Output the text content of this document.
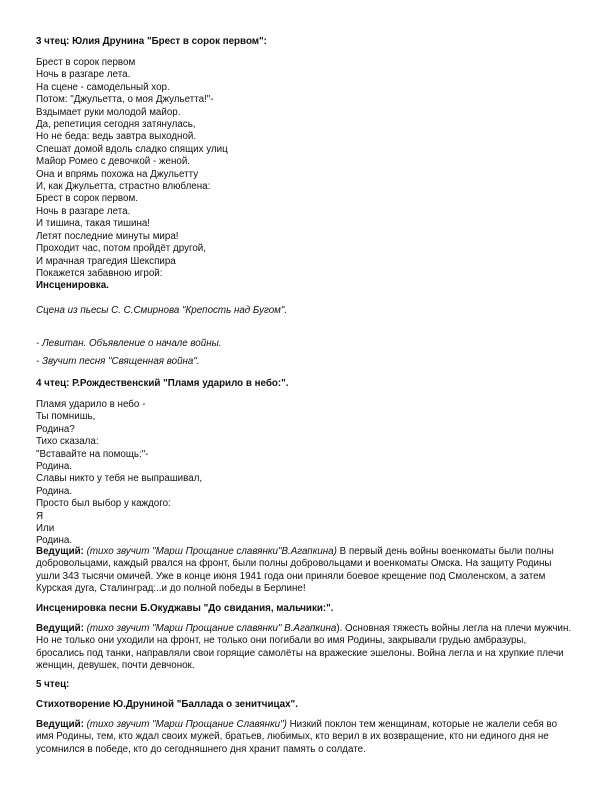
3 чтец: Юлия Друнина "Брест в сорок первом":

Брест в сорок первом
Ночь в разгаре лета.
На сцене - самодельный хор.
Потом: "Джульетта, о моя Джульетта!"-
Вздымает руки молодой майор.
Да, репетиция сегодня затянулась,
Но не беда: ведь завтра выходной.
Спешат домой вдоль сладко спящих улиц
Майор Ромео с девочкой - женой.
Она и впрямь похожа на Джульетту
И, как Джульетта, страстно влюблена:
Брест в сорок первом.
Ночь в разгаре лета.
И тишина, такая тишина!
Летят последние минуты мира!
Проходит час, потом пройдёт другой,
И мрачная трагедия Шекспира
Покажется забавною игрой:

Инсценировка.

Сцена из пьесы С. С.Смирнова "Крепость над Бугом".

- Левитан. Объявление о начале войны.

- Звучит песня "Священная война".

4 чтец: Р.Рождественский "Пламя ударило в небо:".

Пламя ударило в небо -
Ты помнишь,
Родина?
Тихо сказала:
"Вставайте на помощь:"-
Родина.
Славы никто у тебя не выпрашивал,
Родина.
Просто был выбор у каждого:
Я
Или
Родина.

Ведущий: (тихо звучит "Марш Прощание славянки"В.Агапкина) В первый день войны военкоматы были полны добровольцами, каждый рвался на фронт, были полны добровольцами и военкоматы Омска. На защиту Родины ушли 343 тысячи омичей. Уже в конце июня 1941 года они приняли боевое крещение под Смоленском, а затем Курская дуга, Сталинград:..и до полной победы в Берлине!

Инсценировка песни Б.Окуджавы "До свидания, мальчики:".

Ведущий: (тихо звучит "Марш Прощание славянки" В.Агапкина). Основная тяжесть войны легла на плечи мужчин. Но не только они уходили на фронт, не только они погибали во имя Родины, закрывали грудью амбразуры, бросались под танки, направляли свои горящие самолёты на вражеские эшелоны. Война легла и на хрупкие плечи женщин, девушек, почти девчонок.

5 чтец:

Стихотворение Ю.Друниной "Баллада о зенитчицах".

Ведущий: (тихо звучит "Марш Прощание Славянки") Низкий поклон тем женщинам, которые не жалели себя во имя Родины, тем, кто ждал своих мужей, братьев, любимых, кто верил в их возвращение, кто ни единого дня не усомнился в победе, кто до сегодняшнего дня хранит память о солдате.
